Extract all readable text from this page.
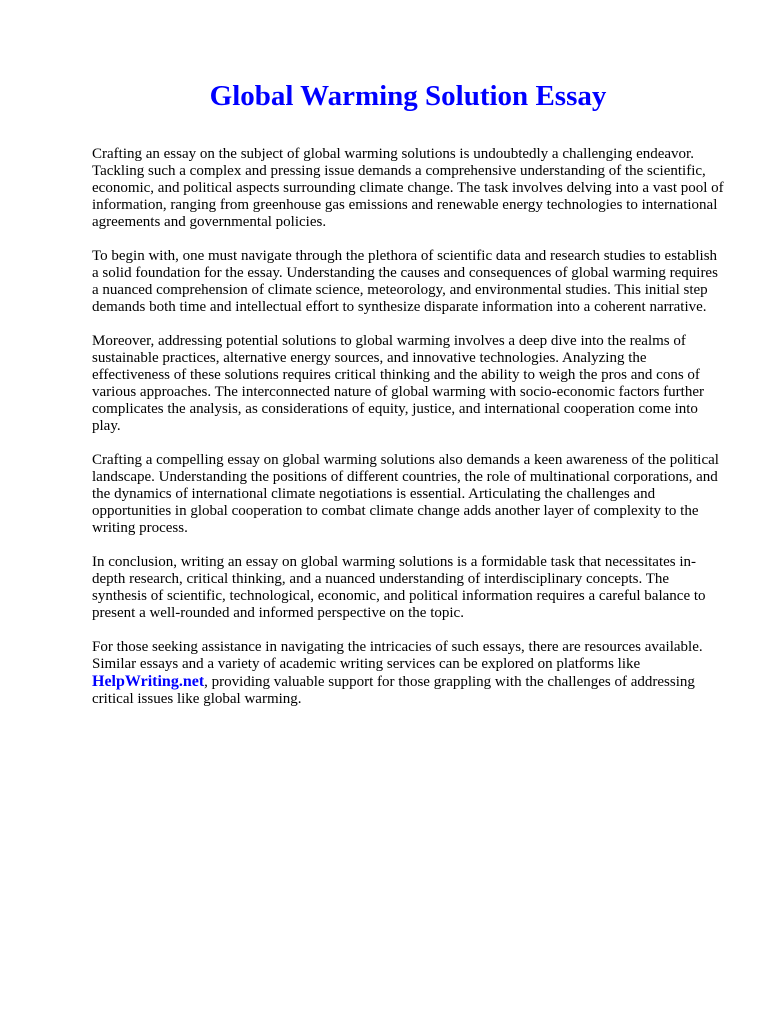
Global Warming Solution Essay

Crafting an essay on the subject of global warming solutions is undoubtedly a challenging endeavor. Tackling such a complex and pressing issue demands a comprehensive understanding of the scientific, economic, and political aspects surrounding climate change. The task involves delving into a vast pool of information, ranging from greenhouse gas emissions and renewable energy technologies to international agreements and governmental policies.

To begin with, one must navigate through the plethora of scientific data and research studies to establish a solid foundation for the essay. Understanding the causes and consequences of global warming requires a nuanced comprehension of climate science, meteorology, and environmental studies. This initial step demands both time and intellectual effort to synthesize disparate information into a coherent narrative.

Moreover, addressing potential solutions to global warming involves a deep dive into the realms of sustainable practices, alternative energy sources, and innovative technologies. Analyzing the effectiveness of these solutions requires critical thinking and the ability to weigh the pros and cons of various approaches. The interconnected nature of global warming with socio-economic factors further complicates the analysis, as considerations of equity, justice, and international cooperation come into play.

Crafting a compelling essay on global warming solutions also demands a keen awareness of the political landscape. Understanding the positions of different countries, the role of multinational corporations, and the dynamics of international climate negotiations is essential. Articulating the challenges and opportunities in global cooperation to combat climate change adds another layer of complexity to the writing process.

In conclusion, writing an essay on global warming solutions is a formidable task that necessitates in-depth research, critical thinking, and a nuanced understanding of interdisciplinary concepts. The synthesis of scientific, technological, economic, and political information requires a careful balance to present a well-rounded and informed perspective on the topic.

For those seeking assistance in navigating the intricacies of such essays, there are resources available. Similar essays and a variety of academic writing services can be explored on platforms like HelpWriting.net, providing valuable support for those grappling with the challenges of addressing critical issues like global warming.
